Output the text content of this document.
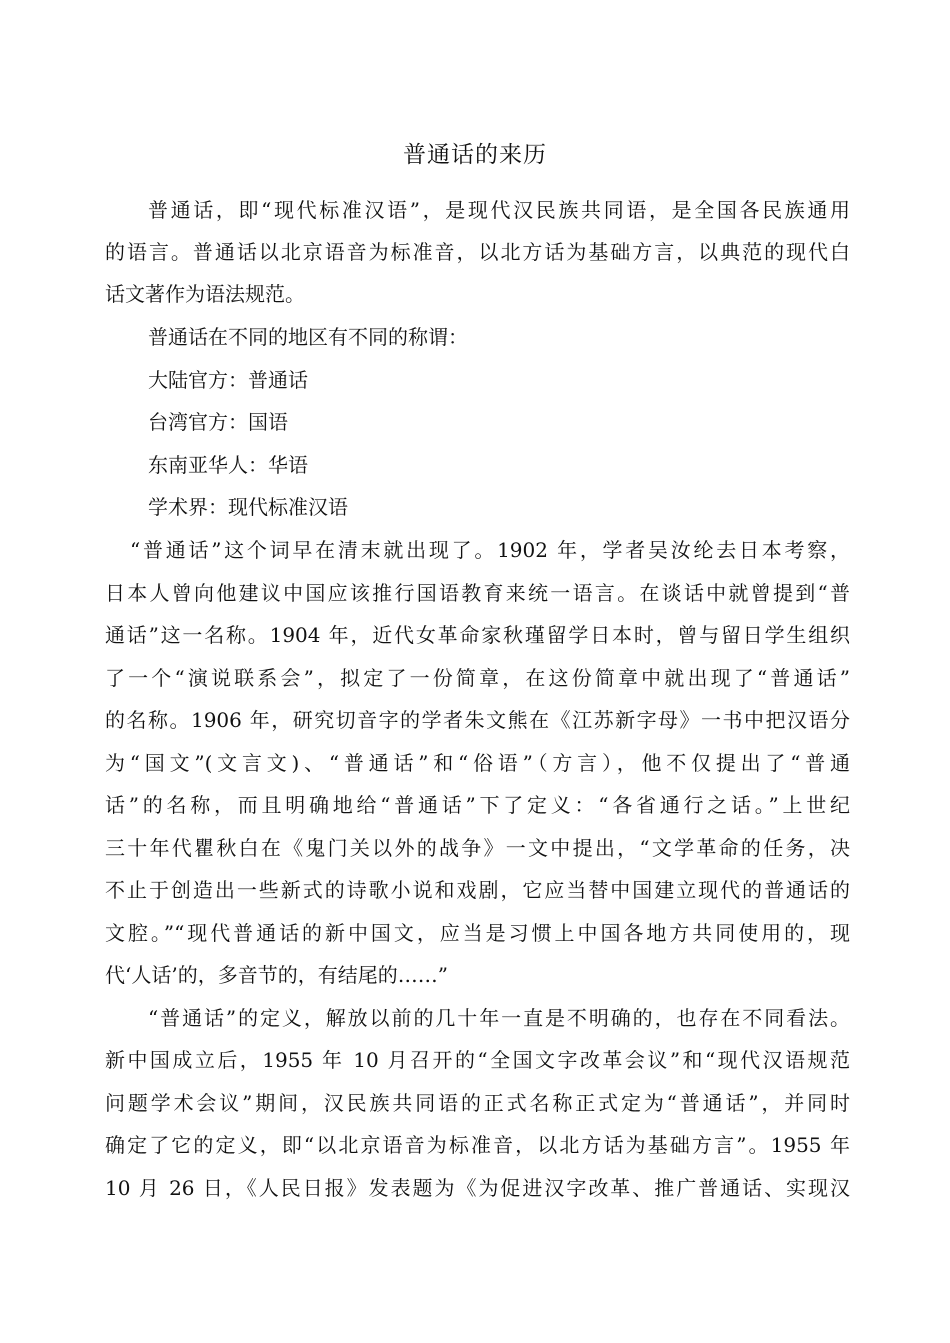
普通话的来历
普通话，即“现代标准汉语”，是现代汉民族共同语，是全国各民族通用
的语言。普通话以北京语音为标准音，以北方话为基础方言，以典范的现代白
话文著作为语法规范。
普通话在不同的地区有不同的称谓：
大陆官方：普通话
台湾官方：国语
东南亚华人：华语
学术界：现代标准汉语
“普通话”这个词早在清末就出现了。1902 年，学者吴汝纶去日本考察，
日本人曾向他建议中国应该推行国语教育来统一语言。在谈话中就曾提到“普
通话”这一名称。1904 年，近代女革命家秋瑾留学日本时，曾与留日学生组织
了一个“演说联系会”，拟定了一份简章，在这份简章中就出现了“普通话”
的名称。1906 年，研究切音字的学者朱文熊在《江苏新字母》一书中把汉语分
为“国文”(文言文)、“普通话”和“俗语”（方言），他不仅提出了“普通
话”的名称，而且明确地给“普通话”下了定义：“各省通行之话。”上世纪
三十年代瞿秋白在《鬼门关以外的战争》一文中提出，“文学革命的任务，决
不止于创造出一些新式的诗歌小说和戏剧，它应当替中国建立现代的普通话的
文腔。”“现代普通话的新中国文，应当是习惯上中国各地方共同使用的，现
代‘人话’的，多音节的，有结尾的……”
“普通话”的定义，解放以前的几十年一直是不明确的，也存在不同看法。
新中国成立后，1955 年 10 月召开的“全国文字改革会议”和“现代汉语规范
问题学术会议”期间，汉民族共同语的正式名称正式定为“普通话”，并同时
确定了它的定义，即“以北京语音为标准音，以北方话为基础方言”。1955 年
10 月 26 日，《人民日报》发表题为《为促进汉字改革、推广普通话、实现汉
